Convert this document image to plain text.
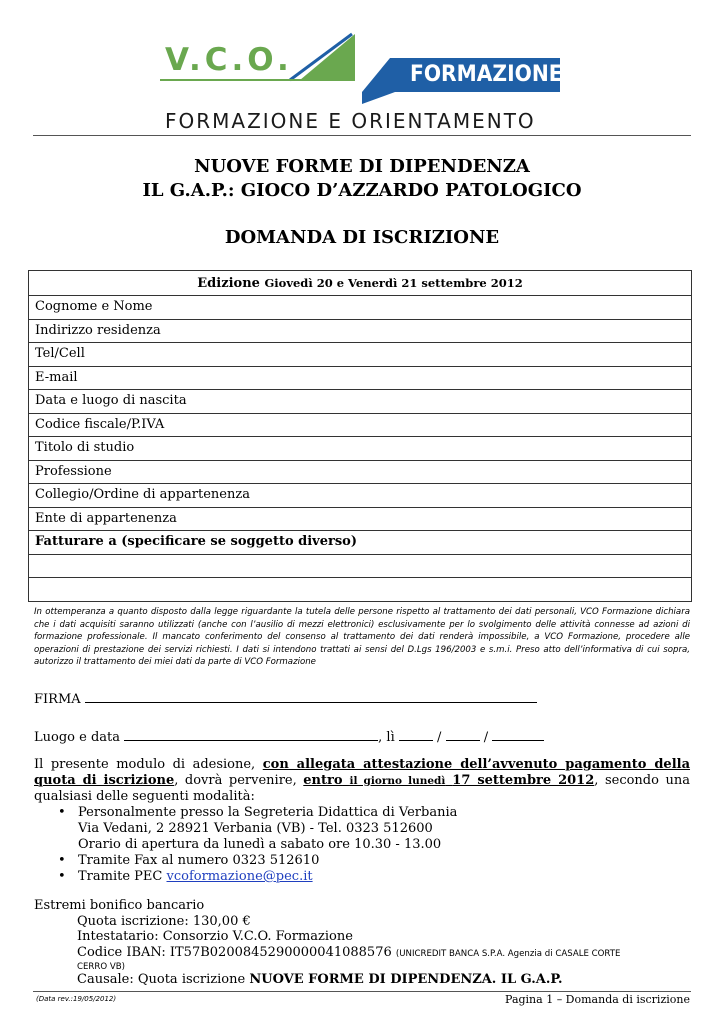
V.C.O.	FORMAZIONE
FORMAZIONE E ORIENTAMENTO
NUOVE FORME DI DIPENDENZA
IL G.A.P.: GIOCO D’AZZARDO PATOLOGICO
DOMANDA DI ISCRIZIONE
Edizione Giovedì 20 e Venerdì 21 settembre 2012
Cognome e Nome
Indirizzo residenza
Tel/Cell
E-mail
Data e luogo di nascita
Codice fiscale/P.IVA
Titolo di studio
Professione
Collegio/Ordine di appartenenza
Ente di appartenenza
Fatturare a (specificare se soggetto diverso)

In ottemperanza a quanto disposto dalla legge riguardante la tutela delle persone rispetto al trattamento dei dati personali, VCO Formazione dichiara che i dati acquisiti saranno utilizzati (anche con l’ausilio di mezzi elettronici) esclusivamente per lo svolgimento delle attività connesse ad azioni di formazione professionale. Il mancato conferimento del consenso al trattamento dei dati renderà impossibile, a VCO Formazione, procedere alle operazioni di prestazione dei servizi richiesti. I dati si intendono trattati ai sensi del D.Lgs 196/2003 e s.m.i. Preso atto dell’informativa di cui sopra, autorizzo il trattamento dei miei dati da parte di VCO Formazione
FIRMA
Luogo e data	, lì	/	/
Il presente modulo di adesione, con allegata attestazione dell’avvenuto pagamento della quota di iscrizione, dovrà pervenire, entro il giorno lunedì 17 settembre 2012, secondo una qualsiasi delle seguenti modalità:
• Personalmente presso la Segreteria Didattica di Verbania
Via Vedani, 2 28921 Verbania (VB) - Tel. 0323 512600
Orario di apertura da lunedì a sabato ore 10.30 - 13.00
• Tramite Fax al numero 0323 512610
• Tramite PEC vcoformazione@pec.it
Estremi bonifico bancario
Quota iscrizione: 130,00 €
Intestatario: Consorzio V.C.O. Formazione
Codice IBAN: IT57B0200845290000041088576 (UNICREDIT BANCA S.P.A. Agenzia di CASALE CORTE
CERRO VB)
Causale: Quota iscrizione NUOVE FORME DI DIPENDENZA. IL G.A.P.
(Data rev.:19/05/2012)	Pagina 1 – Domanda di iscrizione
